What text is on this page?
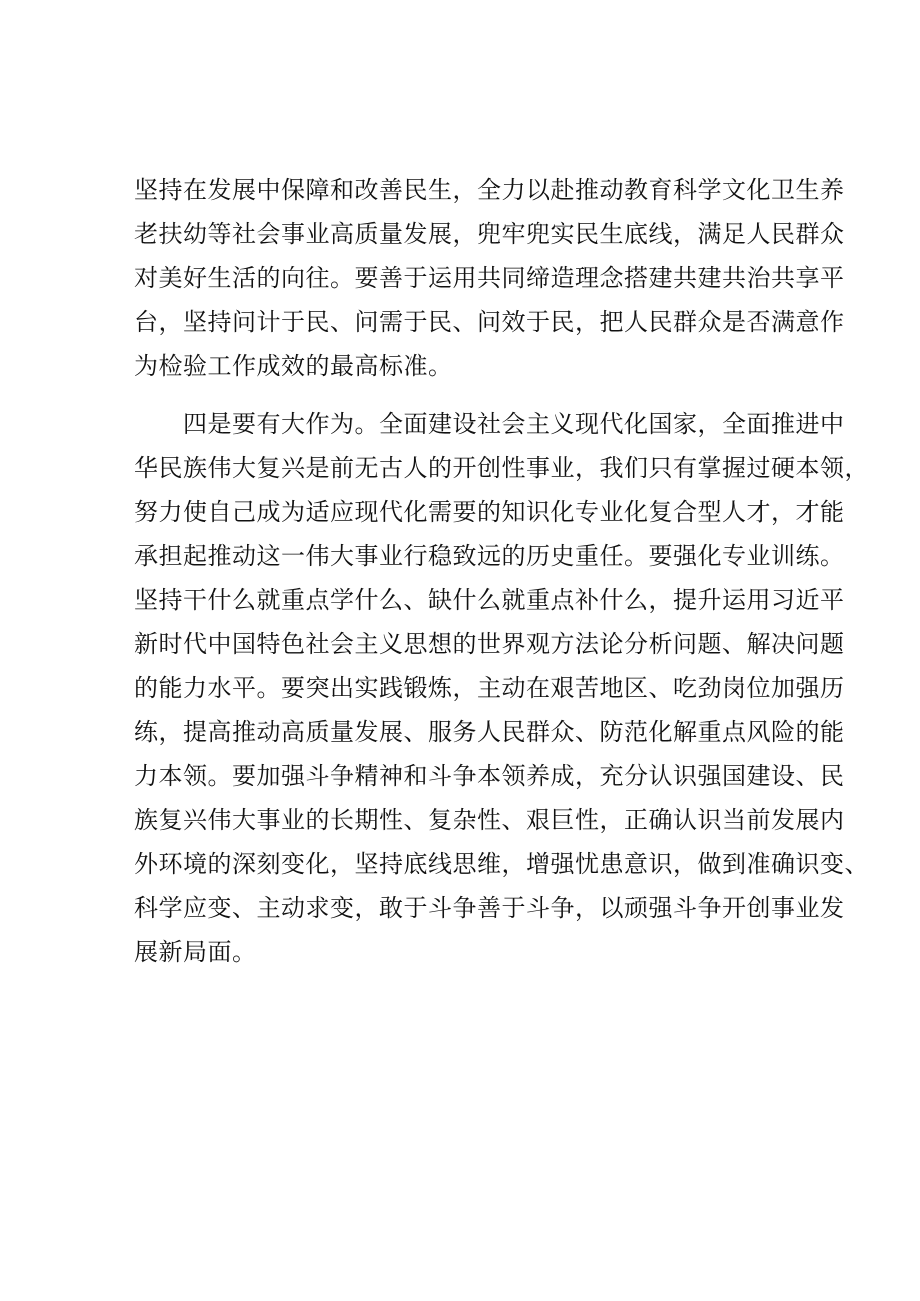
坚持在发展中保障和改善民生，全力以赴推动教育科学文化卫生养
老扶幼等社会事业高质量发展，兜牢兜实民生底线，满足人民群众
对美好生活的向往。要善于运用共同缔造理念搭建共建共治共享平
台，坚持问计于民、问需于民、问效于民，把人民群众是否满意作
为检验工作成效的最高标准。
　　四是要有大作为。全面建设社会主义现代化国家，全面推进中
华民族伟大复兴是前无古人的开创性事业，我们只有掌握过硬本领，
努力使自己成为适应现代化需要的知识化专业化复合型人才，才能
承担起推动这一伟大事业行稳致远的历史重任。要强化专业训练。
坚持干什么就重点学什么、缺什么就重点补什么，提升运用习近平
新时代中国特色社会主义思想的世界观方法论分析问题、解决问题
的能力水平。要突出实践锻炼，主动在艰苦地区、吃劲岗位加强历
练，提高推动高质量发展、服务人民群众、防范化解重点风险的能
力本领。要加强斗争精神和斗争本领养成，充分认识强国建设、民
族复兴伟大事业的长期性、复杂性、艰巨性，正确认识当前发展内
外环境的深刻变化，坚持底线思维，增强忧患意识，做到准确识变、
科学应变、主动求变，敢于斗争善于斗争，以顽强斗争开创事业发
展新局面。
